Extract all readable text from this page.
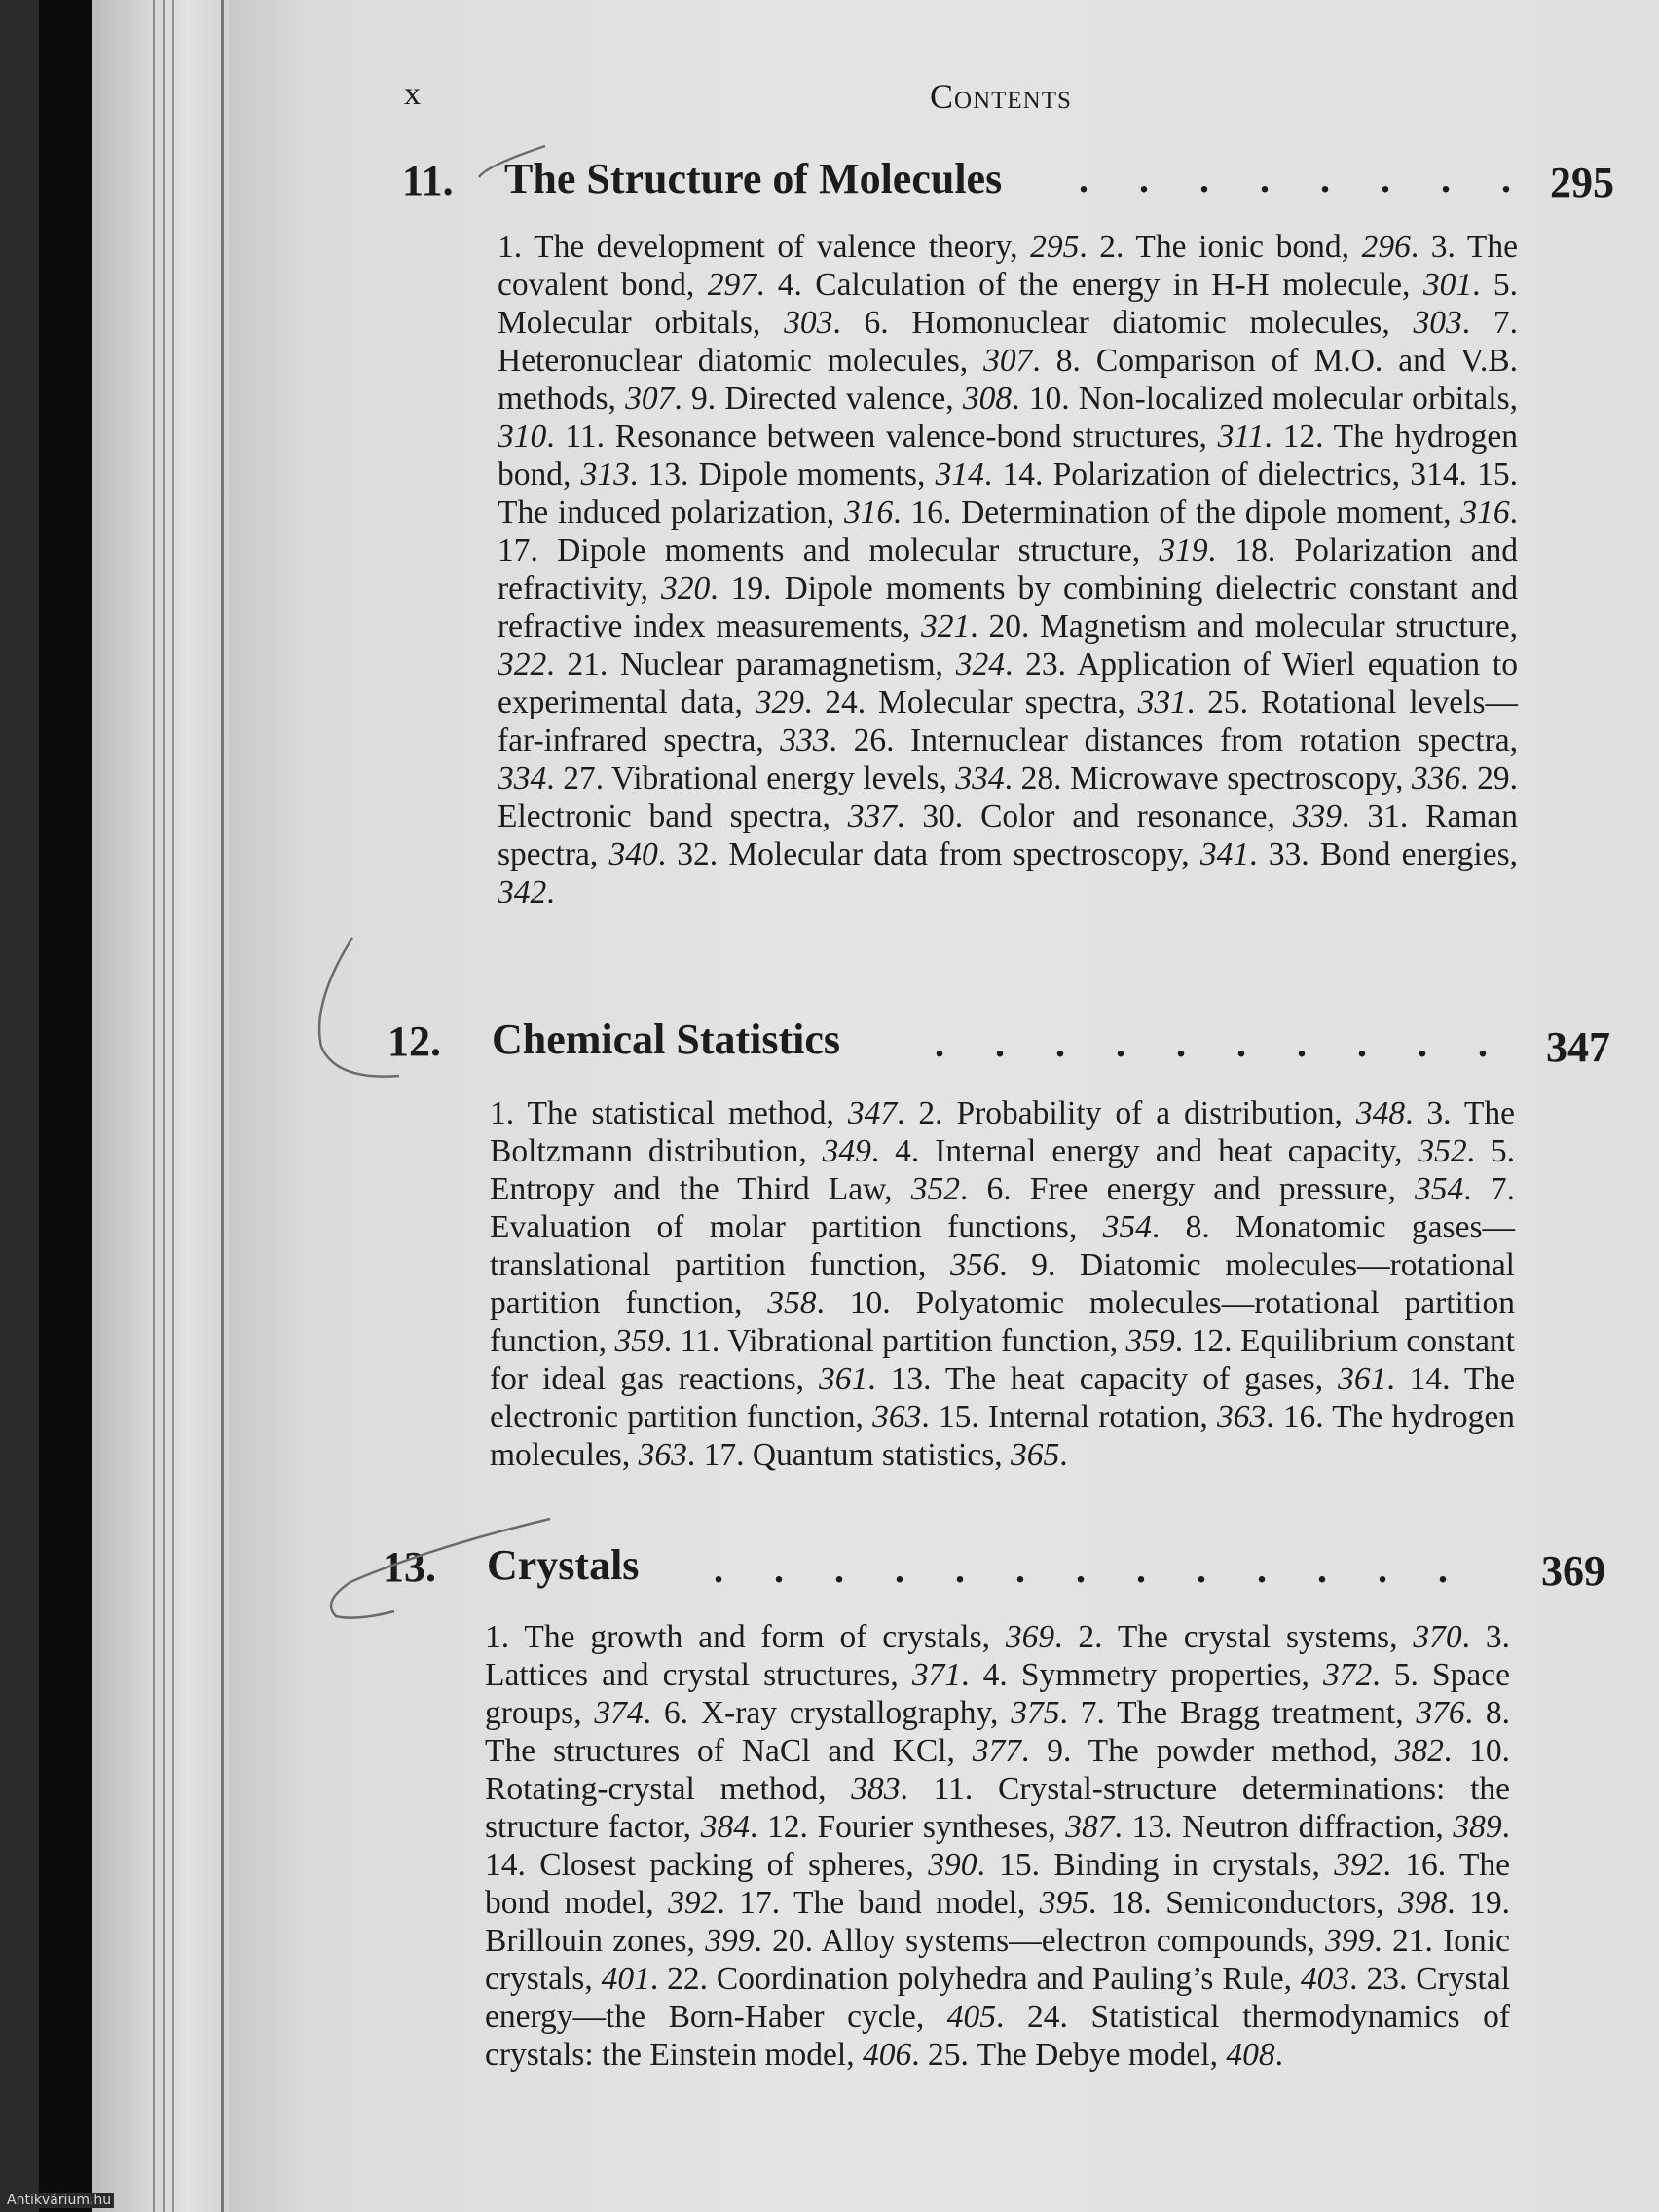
x	Contents
11. The Structure of Molecules . . . . . . . . 295
1. The development of valence theory, 295. 2. The ionic bond, 296. 3. The covalent bond, 297. 4. Calculation of the energy in H-H molecule, 301. 5. Molecular orbitals, 303. 6. Homonuclear diatomic molecules, 303. 7. Heteronuclear diatomic molecules, 307. 8. Comparison of M.O. and V.B. methods, 307. 9. Directed valence, 308. 10. Non-localized molecular orbitals, 310. 11. Resonance between valence-bond structures, 311. 12. The hydrogen bond, 313. 13. Dipole moments, 314. 14. Polarization of dielectrics, 314. 15. The induced polarization, 316. 16. Determination of the dipole moment, 316. 17. Dipole moments and molecular structure, 319. 18. Polarization and refractivity, 320. 19. Dipole moments by combining dielectric constant and refractive index measurements, 321. 20. Magnetism and molecular structure, 322. 21. Nuclear paramagnetism, 324. 23. Application of Wierl equation to experimental data, 329. 24. Molecular spectra, 331. 25. Rotational levels—far-infrared spectra, 333. 26. Internuclear distances from rotation spectra, 334. 27. Vibrational energy levels, 334. 28. Microwave spectroscopy, 336. 29. Electronic band spectra, 337. 30. Color and resonance, 339. 31. Raman spectra, 340. 32. Molecular data from spectroscopy, 341. 33. Bond energies, 342.
12. Chemical Statistics . . . . . . . . . . 347
1. The statistical method, 347. 2. Probability of a distribution, 348. 3. The Boltzmann distribution, 349. 4. Internal energy and heat capacity, 352. 5. Entropy and the Third Law, 352. 6. Free energy and pressure, 354. 7. Evaluation of molar partition functions, 354. 8. Monatomic gases—translational partition function, 356. 9. Diatomic molecules—rotational partition function, 358. 10. Polyatomic molecules—rotational partition function, 359. 11. Vibrational partition function, 359. 12. Equilibrium constant for ideal gas reactions, 361. 13. The heat capacity of gases, 361. 14. The electronic partition function, 363. 15. Internal rotation, 363. 16. The hydrogen molecules, 363. 17. Quantum statistics, 365.
13. Crystals . . . . . . . . . . . . . 369
1. The growth and form of crystals, 369. 2. The crystal systems, 370. 3. Lattices and crystal structures, 371. 4. Symmetry properties, 372. 5. Space groups, 374. 6. X-ray crystallography, 375. 7. The Bragg treatment, 376. 8. The structures of NaCl and KCl, 377. 9. The powder method, 382. 10. Rotating-crystal method, 383. 11. Crystal-structure determinations: the structure factor, 384. 12. Fourier syntheses, 387. 13. Neutron diffraction, 389. 14. Closest packing of spheres, 390. 15. Binding in crystals, 392. 16. The bond model, 392. 17. The band model, 395. 18. Semiconductors, 398. 19. Brillouin zones, 399. 20. Alloy systems—electron compounds, 399. 21. Ionic crystals, 401. 22. Coordination polyhedra and Pauling’s Rule, 403. 23. Crystal energy—the Born-Haber cycle, 405. 24. Statistical thermodynamics of crystals: the Einstein model, 406. 25. The Debye model, 408.
Antikvárium.hu
